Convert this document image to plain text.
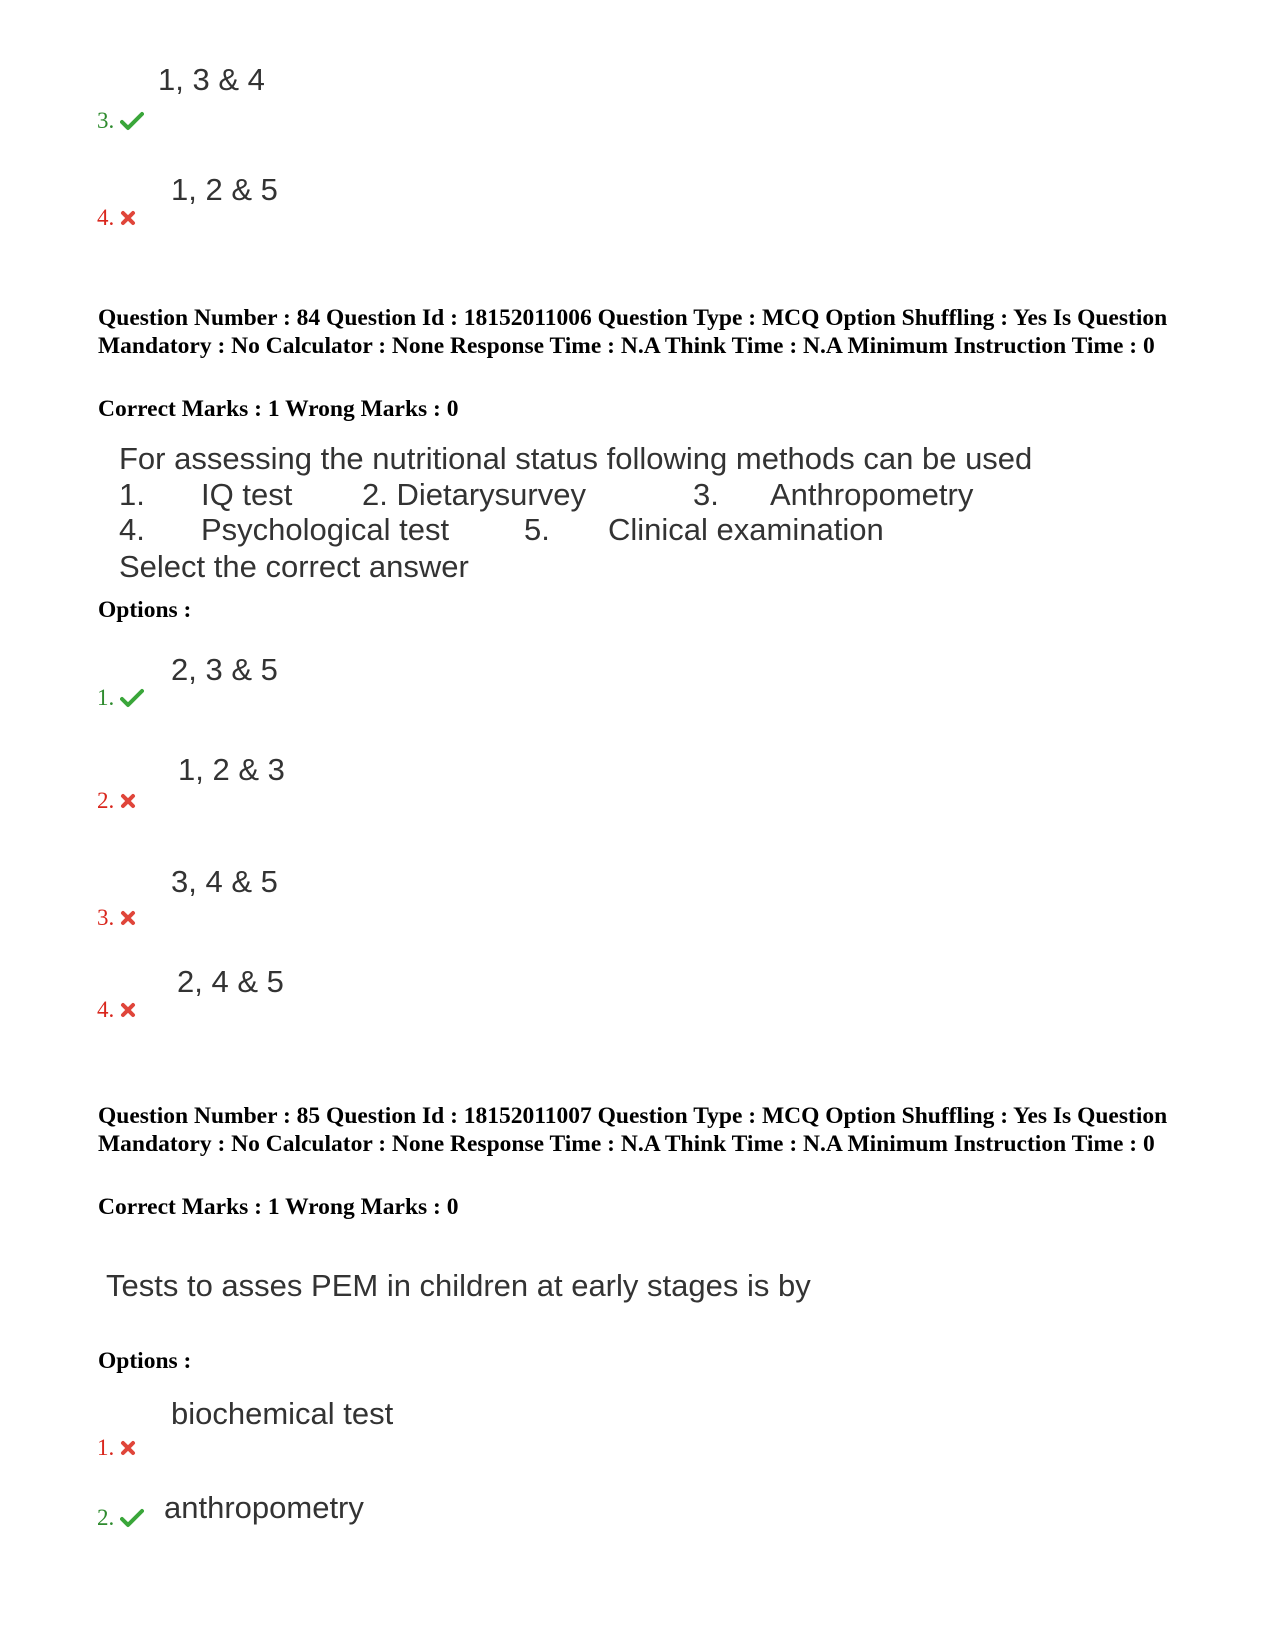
1, 3 & 4
3.
1, 2 & 5
4.
Question Number : 84 Question Id : 18152011006 Question Type : MCQ Option Shuffling : Yes Is Question Mandatory : No Calculator : None Response Time : N.A Think Time : N.A Minimum Instruction Time : 0
Correct Marks : 1 Wrong Marks : 0
For assessing the nutritional status following methods can be used
1. IQ test 2. Dietarysurvey	3. Anthropometry
4. Psychological test 5. Clinical examination
Select the correct answer
Options :
2, 3 & 5
1.
1, 2 & 3
2.
3, 4 & 5
3.
2, 4 & 5
4.
Question Number : 85 Question Id : 18152011007 Question Type : MCQ Option Shuffling : Yes Is Question Mandatory : No Calculator : None Response Time : N.A Think Time : N.A Minimum Instruction Time : 0
Correct Marks : 1 Wrong Marks : 0
Tests to asses PEM in children at early stages is by
Options :
biochemical test
1.
2. anthropometry
